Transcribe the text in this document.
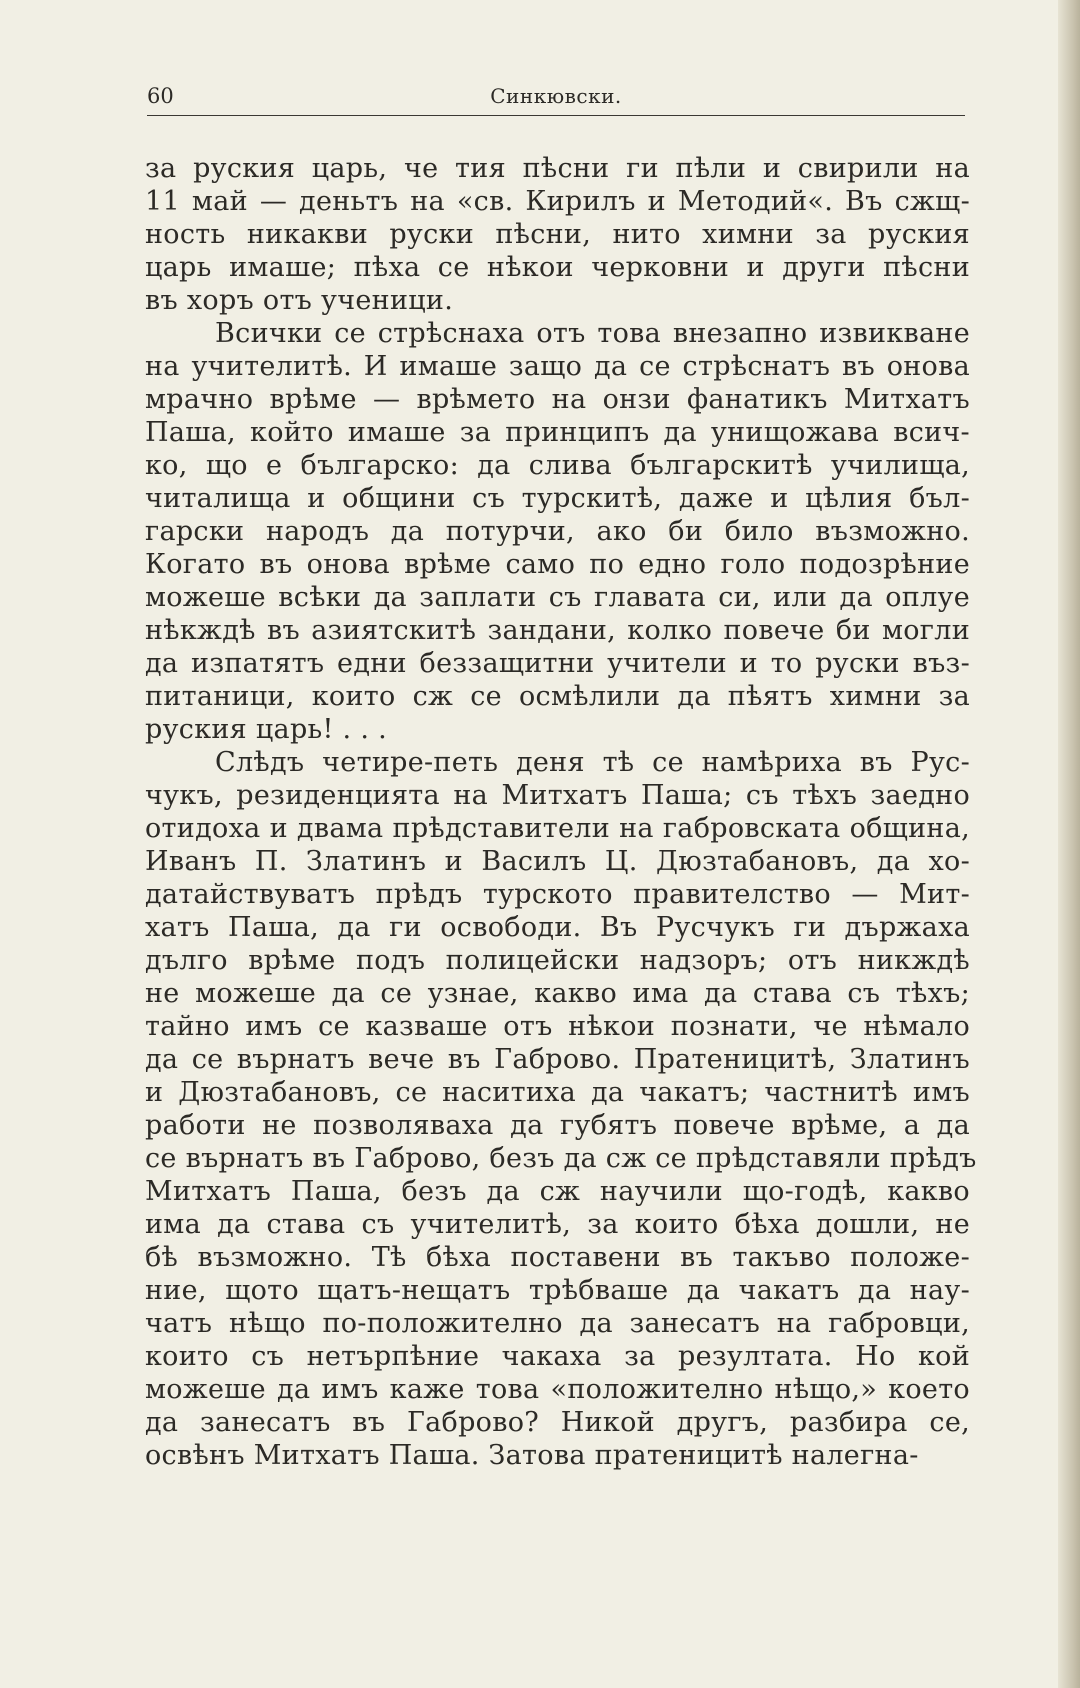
60	Синкювски.
за руския царь, че тия пѣсни ги пѣли и свирили на
11 май — деньтъ на «св. Кирилъ и Методий«. Въ сжщ-
ность никакви руски пѣсни, нито химни за руския
царь имаше; пѣха се нѣкои черковни и други пѣсни
въ хоръ отъ ученици.
Всички се стрѣснаха отъ това внезапно извикване
на учителитѣ. И имаше защо да се стрѣснатъ въ онова
мрачно врѣме — врѣмето на онзи фанатикъ Митхатъ
Паша, който имаше за принципъ да унищожава всич-
ко, що е българско: да слива българскитѣ училища,
читалища и общини съ турскитѣ, даже и цѣлия бъл-
гарски народъ да потурчи, ако би било възможно.
Когато въ онова врѣме само по едно голо подозрѣние
можеше всѣки да заплати съ главата си, или да оплуе
нѣкждѣ въ азиятскитѣ зандани, колко повече би могли
да изпатятъ едни беззащитни учители и то руски въз-
питаници, които сж се осмѣлили да пѣятъ химни за
руския царь! . . .
Слѣдъ четире-петь деня тѣ се намѣриха въ Рус-
чукъ, резиденцията на Митхатъ Паша; съ тѣхъ заедно
отидоха и двама прѣдставители на габровската община,
Иванъ П. Златинъ и Василъ Ц. Дюзтабановъ, да хо-
датайствуватъ прѣдъ турското правителство — Мит-
хатъ Паша, да ги освободи. Въ Русчукъ ги държаха
дълго врѣме подъ полицейски надзоръ; отъ никждѣ
не можеше да се узнае, какво има да става съ тѣхъ;
тайно имъ се казваше отъ нѣкои познати, че нѣмало
да се върнатъ вече въ Габрово. Пратеницитѣ, Златинъ
и Дюзтабановъ, се наситиха да чакатъ; частнитѣ имъ
работи не позволяваха да губятъ повече врѣме, а да
се върнатъ въ Габрово, безъ да сж се прѣдставяли прѣдъ
Митхатъ Паша, безъ да сж научили що-годѣ, какво
има да става съ учителитѣ, за които бѣха дошли, не
бѣ възможно. Тѣ бѣха поставени въ такъво положе-
ние, щото щатъ-нещатъ трѣбваше да чакатъ да нау-
чатъ нѣщо по-положително да занесатъ на габровци,
които съ нетърпѣние чакаха за резултата. Но кой
можеше да имъ каже това «положително нѣщо,» което
да занесатъ въ Габрово? Никой другъ, разбира се,
освѣнъ Митхатъ Паша. Затова пратеницитѣ налегна-
